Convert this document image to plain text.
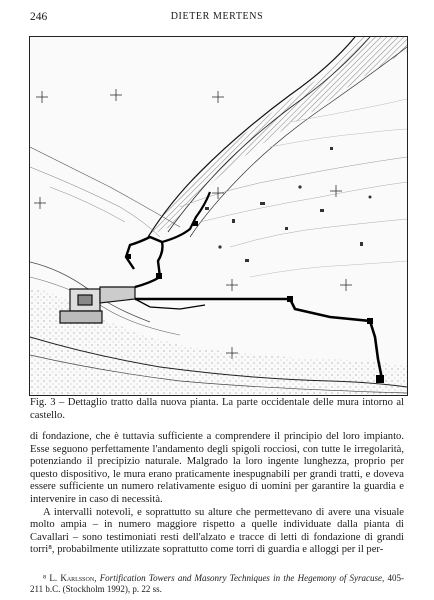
246	DIETER MERTENS
Fig. 3 – Dettaglio tratto dalla nuova pianta. La parte occidentale delle mura intorno al castello.

di fondazione, che è tuttavia sufficiente a comprendere il principio del loro impianto. Esse seguono perfettamente l'andamento degli spigoli rocciosi, con tutte le irregolarità, potenziando il precipizio naturale. Malgrado la loro ingente lunghezza, proprio per questo dispositivo, le mura erano praticamente inespugnabili per grandi tratti, e doveva essere sufficiente un numero relativamente esiguo di uomini per garantire la guardia e intervenire in caso di necessità.

A intervalli notevoli, e soprattutto su alture che permettevano di avere una visuale molto ampia – in numero maggiore rispetto a quelle individuate dalla pianta di Cavallari – sono testimoniati resti dell'alzato e tracce di letti di fondazione di grandi torri⁸, probabilmente utilizzate soprattutto come torri di guardia e alloggi per il per-

⁸ L. Karlsson, Fortification Towers and Masonry Techniques in the Hegemony of Syracuse, 405-211 b.C. (Stockholm 1992), p. 22 ss.
